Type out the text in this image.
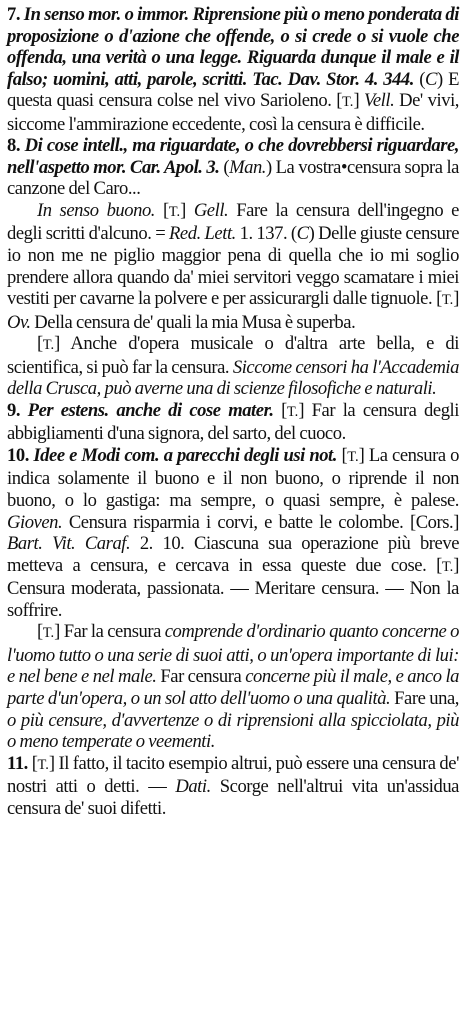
7. In senso mor. o immor. Riprensione più o meno ponderata di proposizione o d'azione che offende, o si crede o si vuole che offenda, una verità o una legge. Riguarda dunque il male e il falso; uomini, atti, parole, scritti. Tac. Dav. Stor. 4. 344. (C) E questa quasi censura colse nel vivo Sarioleno. [T.] Vell. De' vivi, siccome l'ammirazione eccedente, così la censura è difficile.

8. Di cose intell., ma riguardate, o che dovrebbersi riguardare, nell'aspetto mor. Car. Apol. 3. (Man.) La vostra•censura sopra la canzone del Caro...

In senso buono. [T.] Gell. Fare la censura dell'ingegno e degli scritti d'alcuno. = Red. Lett. 1. 137. (C) Delle giuste censure io non me ne piglio maggior pena di quella che io mi soglio prendere allora quando da' miei servitori veggo scamatare i miei vestiti per cavarne la polvere e per assicurargli dalle tignuole. [T.] Ov. Della censura de' quali la mia Musa è superba.

[T.] Anche d'opera musicale o d'altra arte bella, e di scientifica, si può far la censura. Siccome censori ha l'Accademia della Crusca, può averne una di scienze filosofiche e naturali.

9. Per estens. anche di cose mater. [T.] Far la censura degli abbigliamenti d'una signora, del sarto, del cuoco.

10. Idee e Modi com. a parecchi degli usi not. [T.] La censura o indica solamente il buono e il non buono, o riprende il non buono, o lo gastiga: ma sempre, o quasi sempre, è palese. Gioven. Censura risparmia i corvi, e batte le colombe. [Cors.] Bart. Vit. Caraf. 2. 10. Ciascuna sua operazione più breve metteva a censura, e cercava in essa queste due cose. [T.] Censura moderata, passionata. — Meritare censura. — Non la soffrire.

[T.] Far la censura comprende d'ordinario quanto concerne o l'uomo tutto o una serie di suoi atti, o un'opera importante di lui: e nel bene e nel male. Far censura concerne più il male, e anco la parte d'un'opera, o un sol atto dell'uomo o una qualità. Fare una, o più censure, d'avvertenze o di riprensioni alla spicciolata, più o meno temperate o veementi.

11. [T.] Il fatto, il tacito esempio altrui, può essere una censura de' nostri atti o detti. — Dati. Scorge nell'altrui vita un'assidua censura de' suoi difetti.
